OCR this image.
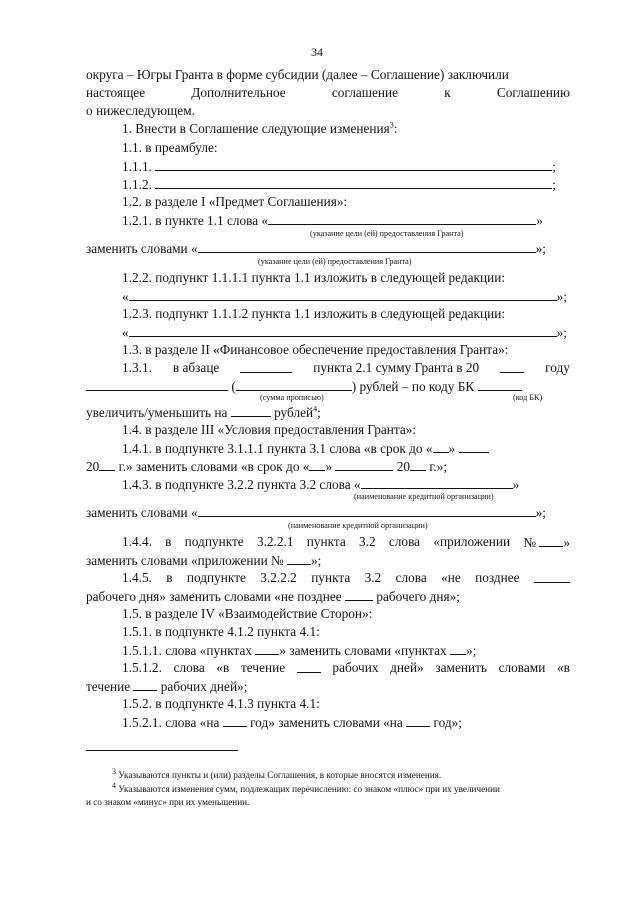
34
округа – Югры Гранта в форме субсидии (далее – Соглашение) заключили
настоящее	Дополнительное	соглашение	к	Соглашению
о нижеследующем.
1. Внести в Соглашение следующие изменения$^3$:
1.1. в преамбуле:
1.1.1.	;
1.1.2.	;
1.2. в разделе I «Предмет Соглашения»:
1.2.1. в пункте 1.1 слова «	»
(указание цели (ей) предоставления Гранта)
заменить словами «	»;
(указание цели (ей) предоставления Гранта)
1.2.2. подпункт 1.1.1.1 пункта 1.1 изложить в следующей редакции:
«	»;
1.2.3. подпункт 1.1.1.2 пункта 1.1 изложить в следующей редакции:
«	»;
1.3. в разделе II «Финансовое обеспечение предоставления Гранта»:
1.3.1. в абзаце	пункта 2.1 сумму Гранта в 20	году
(	) рублей – по коду БК
(сумма прописью)	(код БК)
увеличить/уменьшить на	рублей$^4$;
1.4. в разделе III «Условия предоставления Гранта»:
1.4.1. в подпункте 3.1.1.1 пункта 3.1 слова «в срок до « »
20 г.» заменить словами «в срок до « »	20 г.»;
1.4.3. в подпункте 3.2.2 пункта 3.2 слова «	»
(наименование кредитной организации)
заменить словами «	»;
(наименование кредитной организации)
1.4.4. в подпункте 3.2.2.1 пункта 3.2 слова «приложении № »
заменить словами «приложении № »;
1.4.5. в подпункте 3.2.2.2 пункта 3.2 слова «не позднее
рабочего дня» заменить словами «не позднее	рабочего дня»;
1.5. в разделе IV «Взаимодействие Сторон»:
1.5.1. в подпункте 4.1.2 пункта 4.1:
1.5.1.1. слова «пунктах » заменить словами «пунктах »;
1.5.1.2. слова «в течение	рабочих дней» заменить словами «в
течение рабочих дней»;
1.5.2. в подпункте 4.1.3 пункта 4.1:
1.5.2.1. слова «на год» заменить словами «на год»;
$^3$ Указываются пункты и (или) разделы Соглашения, в которые вносятся изменения.
$^4$ Указываются изменения сумм, подлежащих перечислению: со знаком «плюс» при их увеличении
и со знаком «минус» при их уменьшении.
